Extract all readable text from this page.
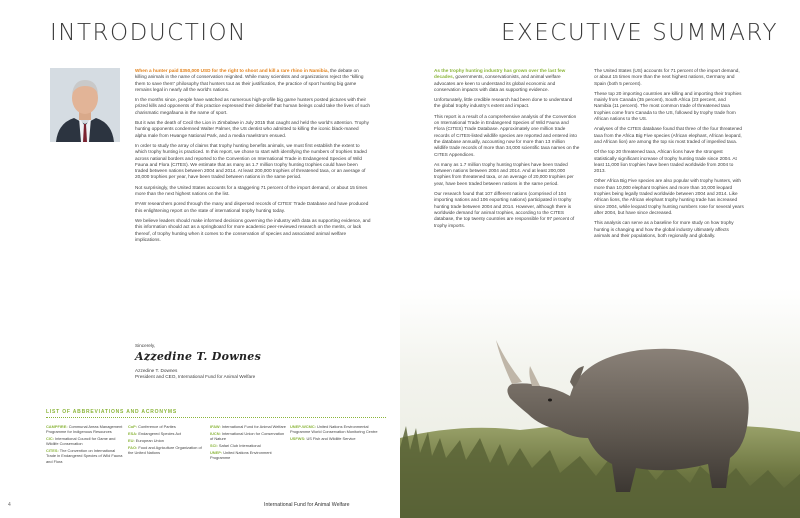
INTRODUCTION

When a hunter paid $350,000 USD for the right to shoot and kill a rare rhino in Namibia, the debate on killing animals in the name of conservation reignited. While many scientists and organizations reject the “killing them to save them” philosophy that hunters tout as their justification, the practice of sport hunting big game remains legal in nearly all the world’s nations.

In the months since, people have watched as numerous high-profile big game hunters posted pictures with their prized kills and opponents of this practice expressed their disbelief that human beings could take the lives of such charismatic megafauna in the name of sport.

But it was the death of Cecil the Lion in Zimbabwe in July 2015 that caught and held the world’s attention. Trophy hunting opponents condemned Walter Palmer, the US dentist who admitted to killing the iconic black-maned alpha male from Hwange National Park, and a media maelstrom ensued.

In order to study the array of claims that trophy hunting benefits animals, we must first establish the extent to which trophy hunting is practiced. In this report, we chose to start with identifying the numbers of trophies traded across national borders and reported to the Convention on International Trade in Endangered Species of Wild Fauna and Flora (CITES). We estimate that as many as 1.7 million trophy hunting trophies could have been traded between nations between 2004 and 2014. At least 200,000 trophies of threatened taxa, or an average of 20,000 trophies per year, have been traded between nations in the same period.

Not surprisingly, the United States accounts for a staggering 71 percent of the import demand, or about 15 times more than the next highest nations on the list.

IFAW researchers pored through the many and dispersed records of CITES’ Trade Database and have produced this enlightening report on the state of international trophy hunting today.

We believe leaders should make informed decisions governing the industry with data as supporting evidence, and this information should act as a springboard for more academic peer-reviewed research on the merits, or lack thereof, of trophy hunting when it comes to the conservation of species and associated animal welfare implications.

Sincerely,
Azzedine T. Downes
Azzedine T. Downes
President and CEO, International Fund for Animal Welfare
LIST OF ABBREVIATIONS AND ACRONYMS
CAMPFIRE: Communal Areas Management Programme for Indigenous Resources
CIC: International Council for Game and Wildlife Conservation
CITES: The Convention on International Trade in Endangered Species of Wild Fauna and Flora
CoP: Conference of Parties
ESA: Endangered Species Act
EU: European Union
FAO: Food and Agriculture Organization of the United Nations
IFAW: International Fund for Animal Welfare
IUCN: International Union for Conservation of Nature
SCI: Safari Club International
UNEP: United Nations Environment Programme
UNEP-WCMC: United Nations Environmental Programme World Conservation Monitoring Centre
USFWS: US Fish and Wildlife Service
4	International Fund for Animal Welfare
EXECUTIVE SUMMARY

As the trophy hunting industry has grown over the last few decades, governments, conservationists, and animal welfare advocates are keen to understand its global economic and conservation impacts with data as supporting evidence.

Unfortunately, little credible research had been done to understand the global trophy industry’s extent and impact.

This report is a result of a comprehensive analysis of the Convention on International Trade in Endangered Species of Wild Fauna and Flora (CITES) Trade Database. Approximately one million trade records of CITES-listed wildlife species are reported and entered into the database annually, accounting now for more than 13 million wildlife trade records of more than 34,000 scientific taxa names on the CITES Appendices.

As many as 1.7 million trophy hunting trophies have been traded between nations between 2004 and 2014. And at least 200,000 trophies from threatened taxa, or an average of 20,000 trophies per year, have been traded between nations in the same period.

Our research found that 107 different nations (comprised of 104 importing nations and 106 exporting nations) participated in trophy hunting trade between 2004 and 2014. However, although there is worldwide demand for animal trophies, according to the CITES database, the top twenty countries are responsible for 97 percent of trophy imports.

The United States (US) accounts for 71 percent of the import demand, or about 15 times more than the next highest nations, Germany and Spain (both 5 percent).

These top 20 importing countries are killing and importing their trophies mainly from Canada (35 percent), South Africa (23 percent, and Namibia (11 percent). The most common trade of threatened taxa trophies come from Canada to the US, followed by trophy trade from African nations to the US.

Analyses of the CITES database found that three of the four threatened taxa from the Africa Big Five species (African elephant, African leopard, and African lion) are among the top six most traded of imperiled taxa.

Of the top 20 threatened taxa, African lions have the strongest statistically significant increase of trophy hunting trade since 2004. At least 11,000 lion trophies have been traded worldwide from 2004 to 2013.

Other Africa Big Five species are also popular with trophy hunters, with more than 10,000 elephant trophies and more than 10,000 leopard trophies being legally traded worldwide between 2004 and 2014. Like African lions, the African elephant trophy hunting trade has increased since 2004, while leopard trophy hunting numbers rose for several years after 2004, but have since decreased.

This analysis can serve as a baseline for more study on how trophy hunting is changing and how the global industry ultimately affects animals and their populations, both regionally and globally.
